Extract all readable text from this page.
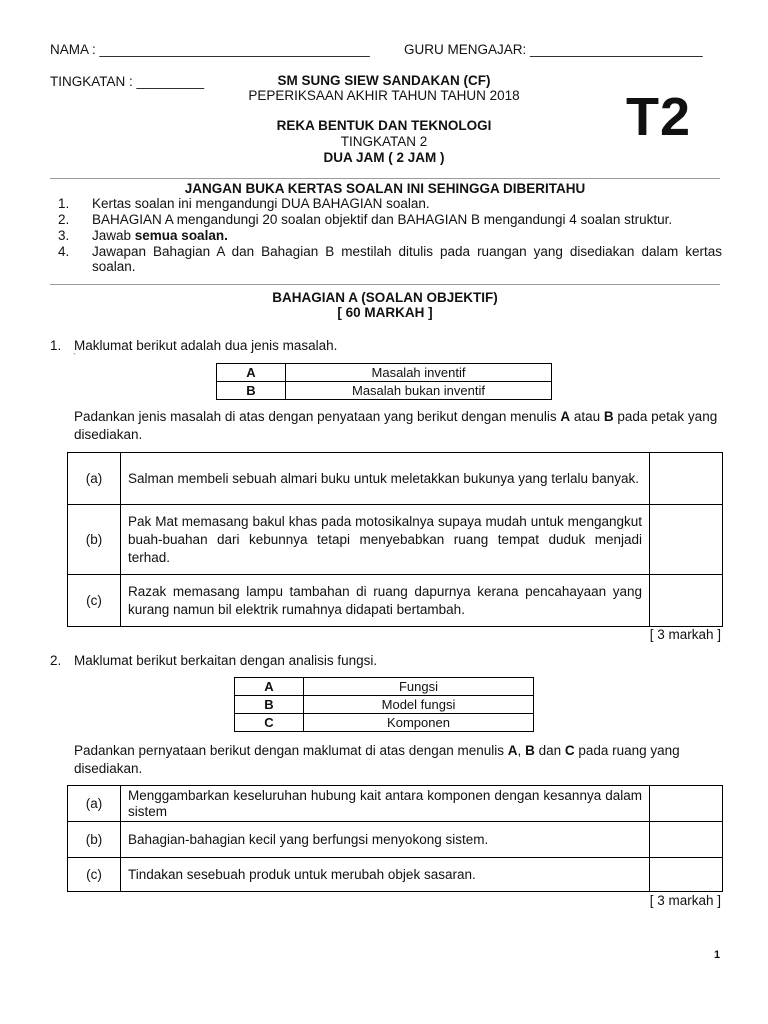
NAMA : ____________________________________	GURU MENGAJAR: _______________________
TINGKATAN : _________	SM SUNG SIEW SANDAKAN (CF)
PEPERIKSAAN AKHIR TAHUN TAHUN 2018
REKA BENTUK DAN TEKNOLOGI
TINGKATAN 2
DUA JAM ( 2 JAM )
T2
JANGAN BUKA KERTAS SOALAN INI SEHINGGA DIBERITAHU
1. Kertas soalan ini mengandungi DUA BAHAGIAN soalan.
2. BAHAGIAN A mengandungi 20 soalan objektif dan BAHAGIAN B mengandungi 4 soalan struktur.
3. Jawab semua soalan.
4. Jawapan Bahagian A dan Bahagian B mestilah ditulis pada ruangan yang disediakan dalam kertas soalan.
BAHAGIAN A (SOALAN OBJEKTIF)
[ 60 MARKAH ]
1. Maklumat berikut adalah dua jenis masalah.
`
A	Masalah inventif
B	Masalah bukan inventif
Padankan jenis masalah di atas dengan penyataan yang berikut dengan menulis A atau B pada petak yang disediakan.
(a)	Salman membeli sebuah almari buku untuk meletakkan bukunya yang terlalu banyak.	
(b)	Pak Mat memasang bakul khas pada motosikalnya supaya mudah untuk mengangkut buah-buahan dari kebunnya tetapi menyebabkan ruang tempat duduk menjadi terhad.	
(c)	Razak memasang lampu tambahan di ruang dapurnya kerana pencahayaan yang kurang namun bil elektrik rumahnya didapati bertambah.	
[ 3 markah ]
2. Maklumat berikut berkaitan dengan analisis fungsi.
A	Fungsi
B	Model fungsi
C	Komponen
Padankan pernyataan berikut dengan maklumat di atas dengan menulis A, B dan C pada ruang yang disediakan.
(a)	Menggambarkan keseluruhan hubung kait antara komponen dengan kesannya dalam sistem	
(b)	Bahagian-bahagian kecil yang berfungsi menyokong sistem.	
(c)	Tindakan sesebuah produk untuk merubah objek sasaran.	
[ 3 markah ]
1
